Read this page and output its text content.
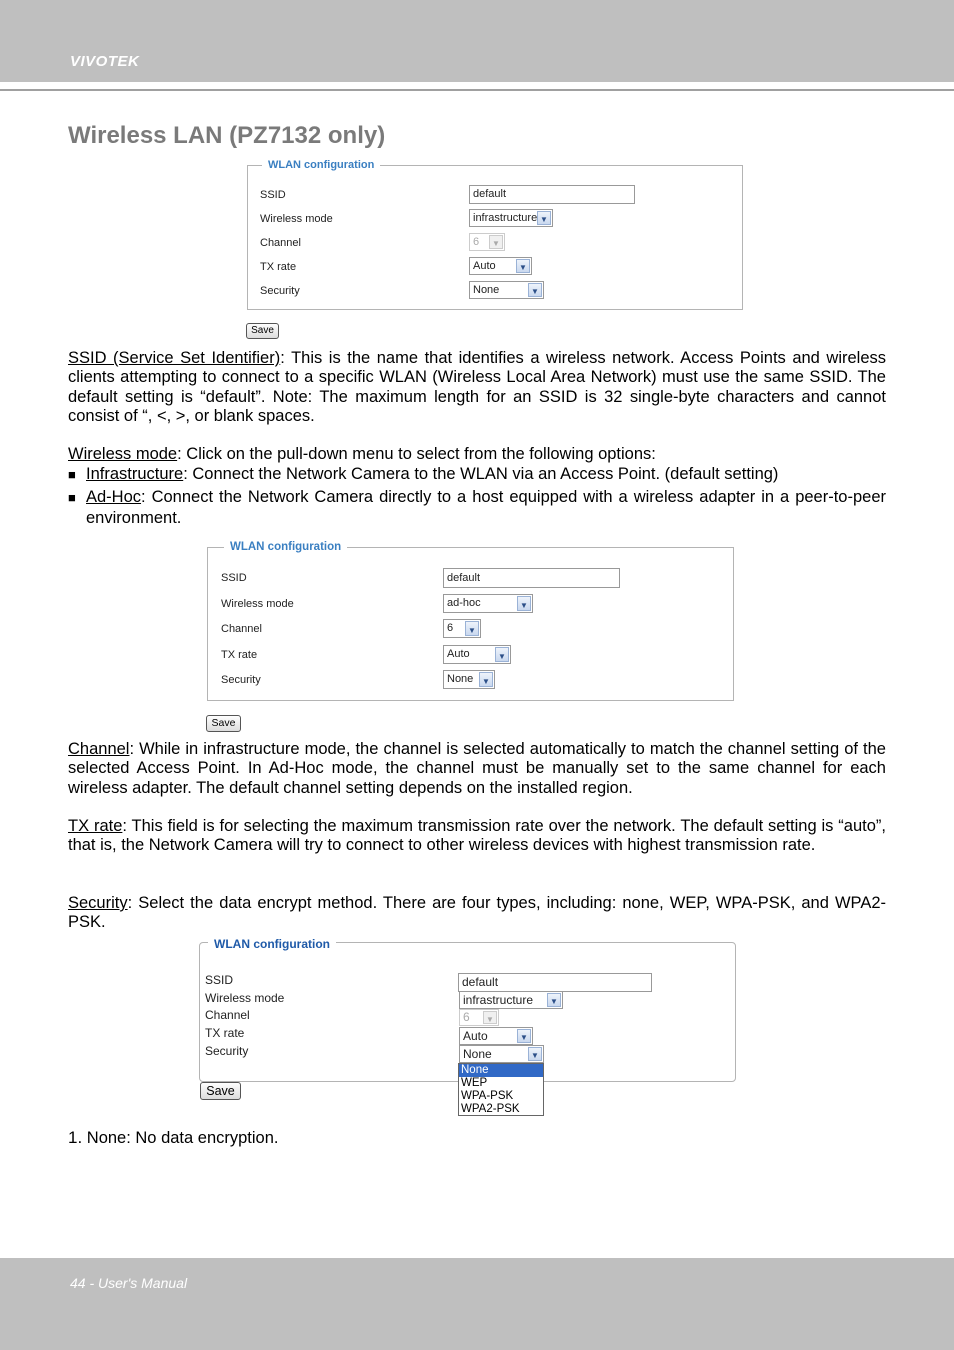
VIVOTEK
Wireless LAN (PZ7132 only)
WLAN configuration
SSID	default
Wireless mode	infrastructure ▼
Channel	6	▼
TX rate	Auto	▼
Security	None	▼
Save
SSID (Service Set Identifier): This is the name that identifies a wireless network. Access Points and wireless clients attempting to connect to a specific WLAN (Wireless Local Area Network) must use the same SSID. The default setting is “default”. Note: The maximum length for an SSID is 32 single-byte characters and cannot consist of “, <, >, or blank spaces.
Wireless mode: Click on the pull-down menu to select from the following options:
■ Infrastructure: Connect the Network Camera to the WLAN via an Access Point. (default setting)
■ Ad-Hoc: Connect the Network Camera directly to a host equipped with a wireless adapter in a peer-to-peer environment.
WLAN configuration
SSID	default
Wireless mode	ad-hoc	▼
Channel	6	▼
TX rate	Auto	▼
Security	None	▼
Save
Channel: While in infrastructure mode, the channel is selected automatically to match the channel setting of the selected Access Point. In Ad-Hoc mode, the channel must be manually set to the same channel for each wireless adapter. The default channel setting depends on the installed region.
TX rate: This field is for selecting the maximum transmission rate over the network. The default setting is “auto”, that is, the Network Camera will try to connect to other wireless devices with highest transmission rate.
Security: Select the data encrypt method. There are four types, including: none, WEP, WPA-PSK, and WPA2-PSK.
WLAN configuration
SSID	default
Wireless mode	infrastructure	▼
Channel	6	▼
TX rate	Auto	▼
Security	None	▼
None
WEP
WPA-PSK
WPA2-PSK
Save
1. None: No data encryption.
44 - User's Manual
